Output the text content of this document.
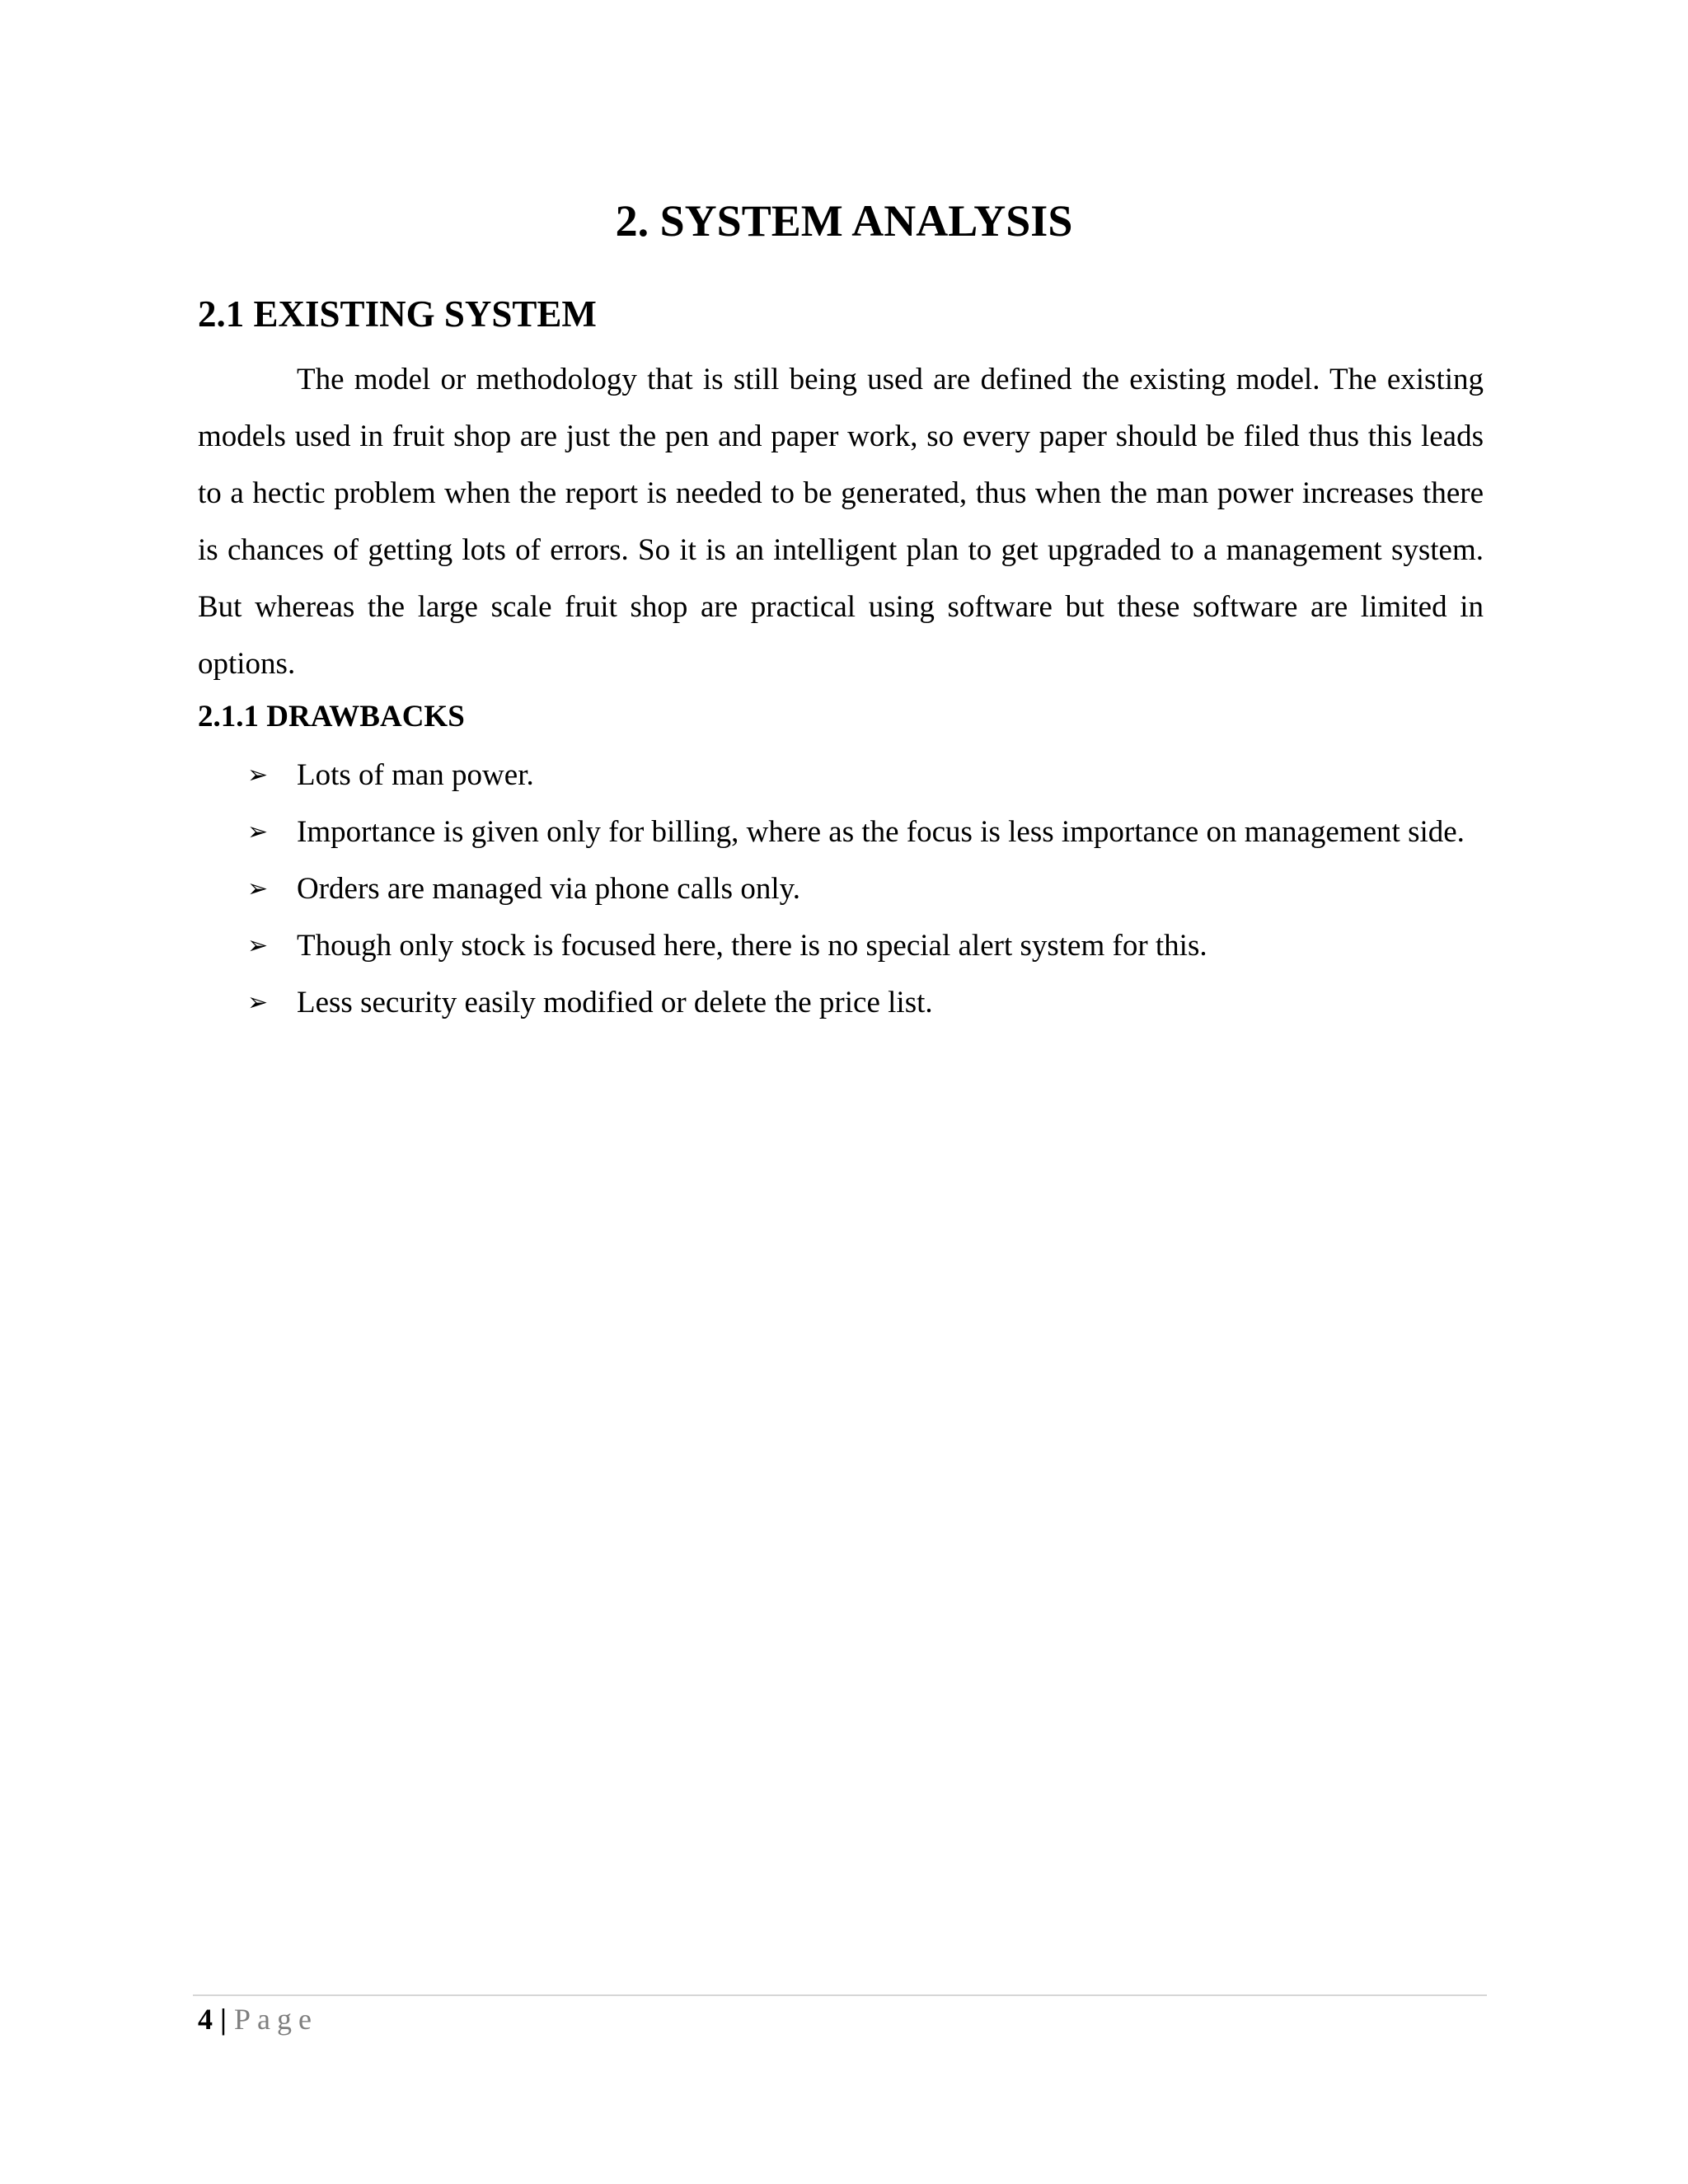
2. SYSTEM ANALYSIS
2.1 EXISTING SYSTEM

The model or methodology that is still being used are defined the existing model. The existing models used in fruit shop are just the pen and paper work, so every paper should be filed thus this leads to a hectic problem when the report is needed to be generated, thus when the man power increases there is chances of getting lots of errors. So it is an intelligent plan to get upgraded to a management system. But whereas the large scale fruit shop are practical using software but these software are limited in options.

2.1.1 DRAWBACKS
➢ Lots of man power.
➢ Importance is given only for billing, where as the focus is less importance on management side.
➢ Orders are managed via phone calls only.
➢ Though only stock is focused here, there is no special alert system for this.
➢ Less security easily modified or delete the price list.
4 | Page
